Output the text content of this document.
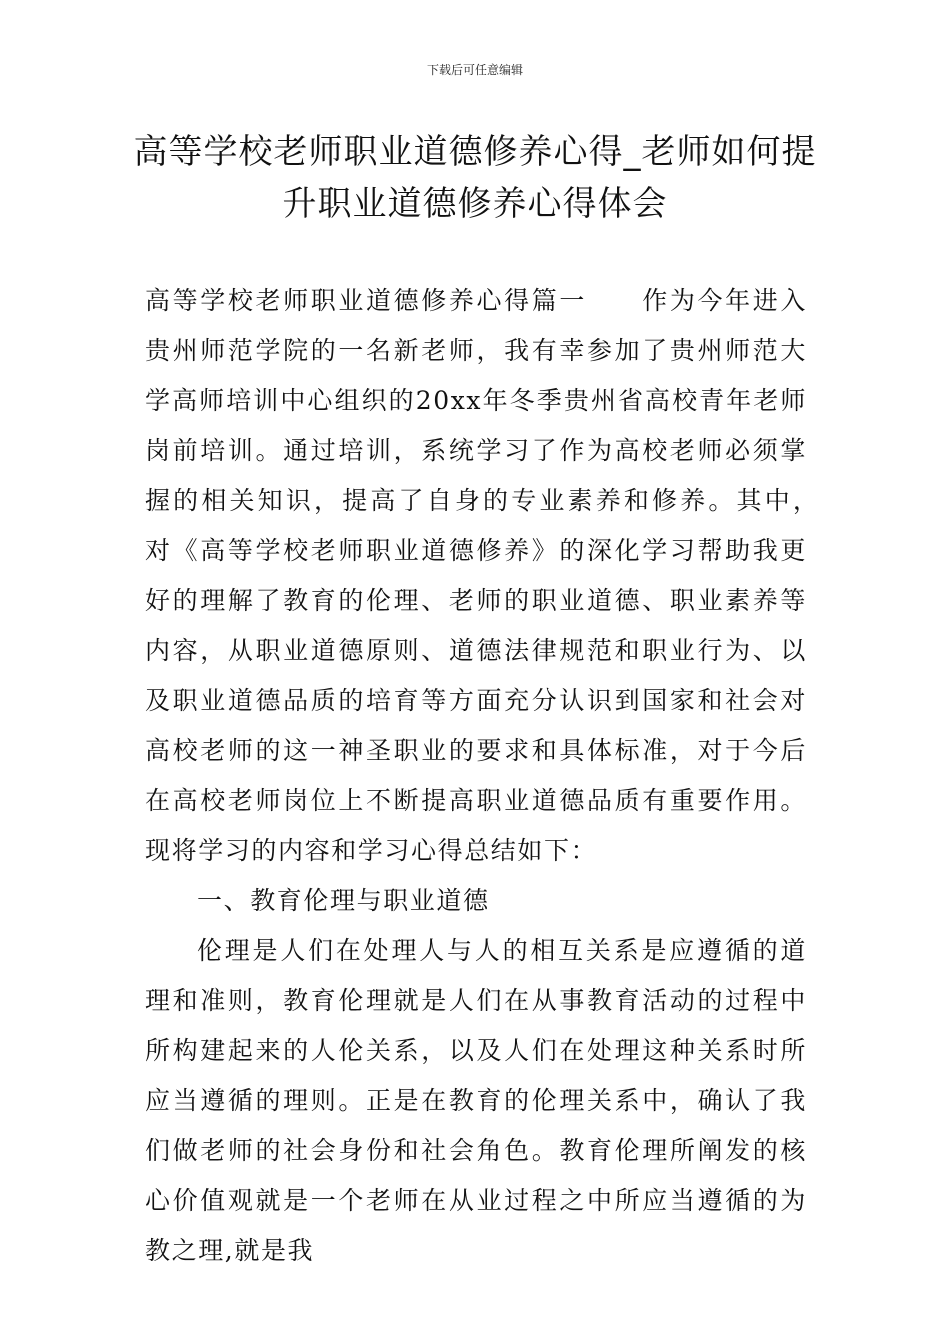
下载后可任意编辑
高等学校老师职业道德修养心得_老师如何提升职业道德修养心得体会

高等学校老师职业道德修养心得篇一　　作为今年进入贵州师范学院的一名新老师，我有幸参加了贵州师范大学高师培训中心组织的20xx年冬季贵州省高校青年老师岗前培训。通过培训，系统学习了作为高校老师必须掌握的相关知识，提高了自身的专业素养和修养。其中，　对《高等学校老师职业道德修养》的深化学习帮助我更好的理解了教育的伦理、老师的职业道德、职业素养等内容，从职业道德原则、道德法律规范和职业行为、以及职业道德品质的培育等方面充分认识到国家和社会对高校老师的这一神圣职业的要求和具体标准，对于今后在高校老师岗位上不断提高职业道德品质有重要作用。现将学习的内容和学习心得总结如下：

一、教育伦理与职业道德

伦理是人们在处理人与人的相互关系是应遵循的道理和准则，教育伦理就是人们在从事教育活动的过程中所构建起来的人伦关系，以及人们在处理这种关系时所应当遵循的理则。正是在教育的伦理关系中，确认了我们做老师的社会身份和社会角色。教育伦理所阐发的核心价值观就是一个老师在从业过程之中所应当遵循的为教之理,就是我
